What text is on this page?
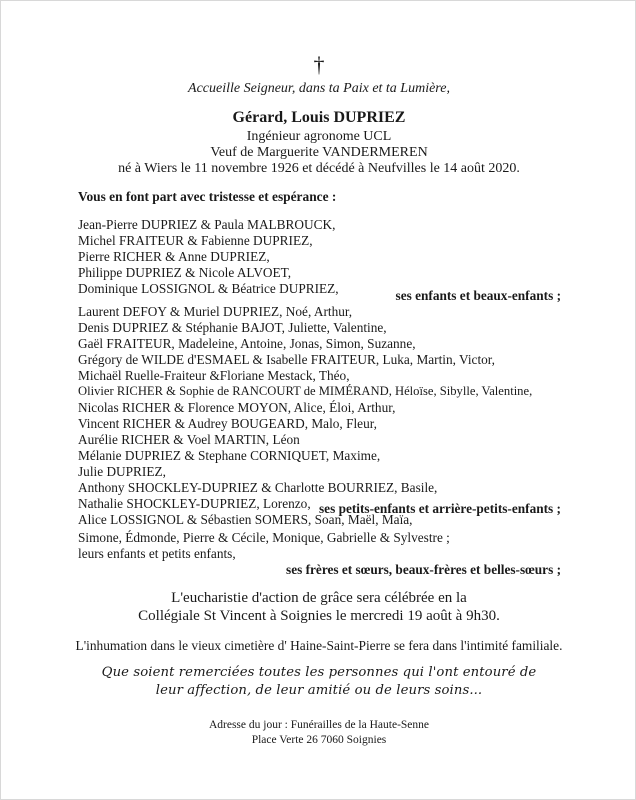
†
Accueille Seigneur, dans ta Paix et ta Lumière,
Gérard, Louis DUPRIEZ
Ingénieur agronome UCL
Veuf de Marguerite VANDERMEREN
né à Wiers le 11 novembre 1926 et décédé à Neufvilles le 14 août 2020.
Vous en font part avec tristesse et espérance :
Jean-Pierre DUPRIEZ & Paula MALBROUCK,
Michel FRAITEUR & Fabienne DUPRIEZ,
Pierre RICHER & Anne DUPRIEZ,
Philippe DUPRIEZ & Nicole ALVOET,
Dominique LOSSIGNOL & Béatrice DUPRIEZ,	ses enfants et beaux-enfants ;
Laurent DEFOY & Muriel DUPRIEZ, Noé, Arthur,
Denis DUPRIEZ & Stéphanie BAJOT, Juliette, Valentine,
Gaël FRAITEUR, Madeleine, Antoine, Jonas, Simon, Suzanne,
Grégory de WILDE d'ESMAEL & Isabelle FRAITEUR, Luka, Martin, Victor,
Michaël Ruelle-Fraiteur &Floriane Mestack, Théo,
Olivier RICHER & Sophie de RANCOURT de MIMÉRAND, Héloïse, Sibylle, Valentine,
Nicolas RICHER & Florence MOYON, Alice, Éloi, Arthur,
Vincent RICHER & Audrey BOUGEARD, Malo, Fleur,
Aurélie RICHER & Voel MARTIN, Léon
Mélanie DUPRIEZ & Stephane CORNIQUET, Maxime,
Julie DUPRIEZ,
Anthony SHOCKLEY-DUPRIEZ & Charlotte BOURRIEZ, Basile,
Nathalie SHOCKLEY-DUPRIEZ, Lorenzo,
Alice LOSSIGNOL & Sébastien SOMERS, Soan, Maël, Maïa,
ses petits-enfants et arrière-petits-enfants ;
Simone, Édmonde, Pierre & Cécile, Monique, Gabrielle & Sylvestre ;
leurs enfants et petits enfants,
ses frères et sœurs, beaux-frères et belles-sœurs ;
L'eucharistie d'action de grâce sera célébrée en la
Collégiale St Vincent à Soignies le mercredi 19 août à 9h30.
L'inhumation dans le vieux cimetière d' Haine-Saint-Pierre se fera dans l'intimité familiale.
Que soient remerciées toutes les personnes qui l'ont entouré de
leur affection, de leur amitié ou de leurs soins...
Adresse du jour : Funérailles de la Haute-Senne
Place Verte 26 7060 Soignies
